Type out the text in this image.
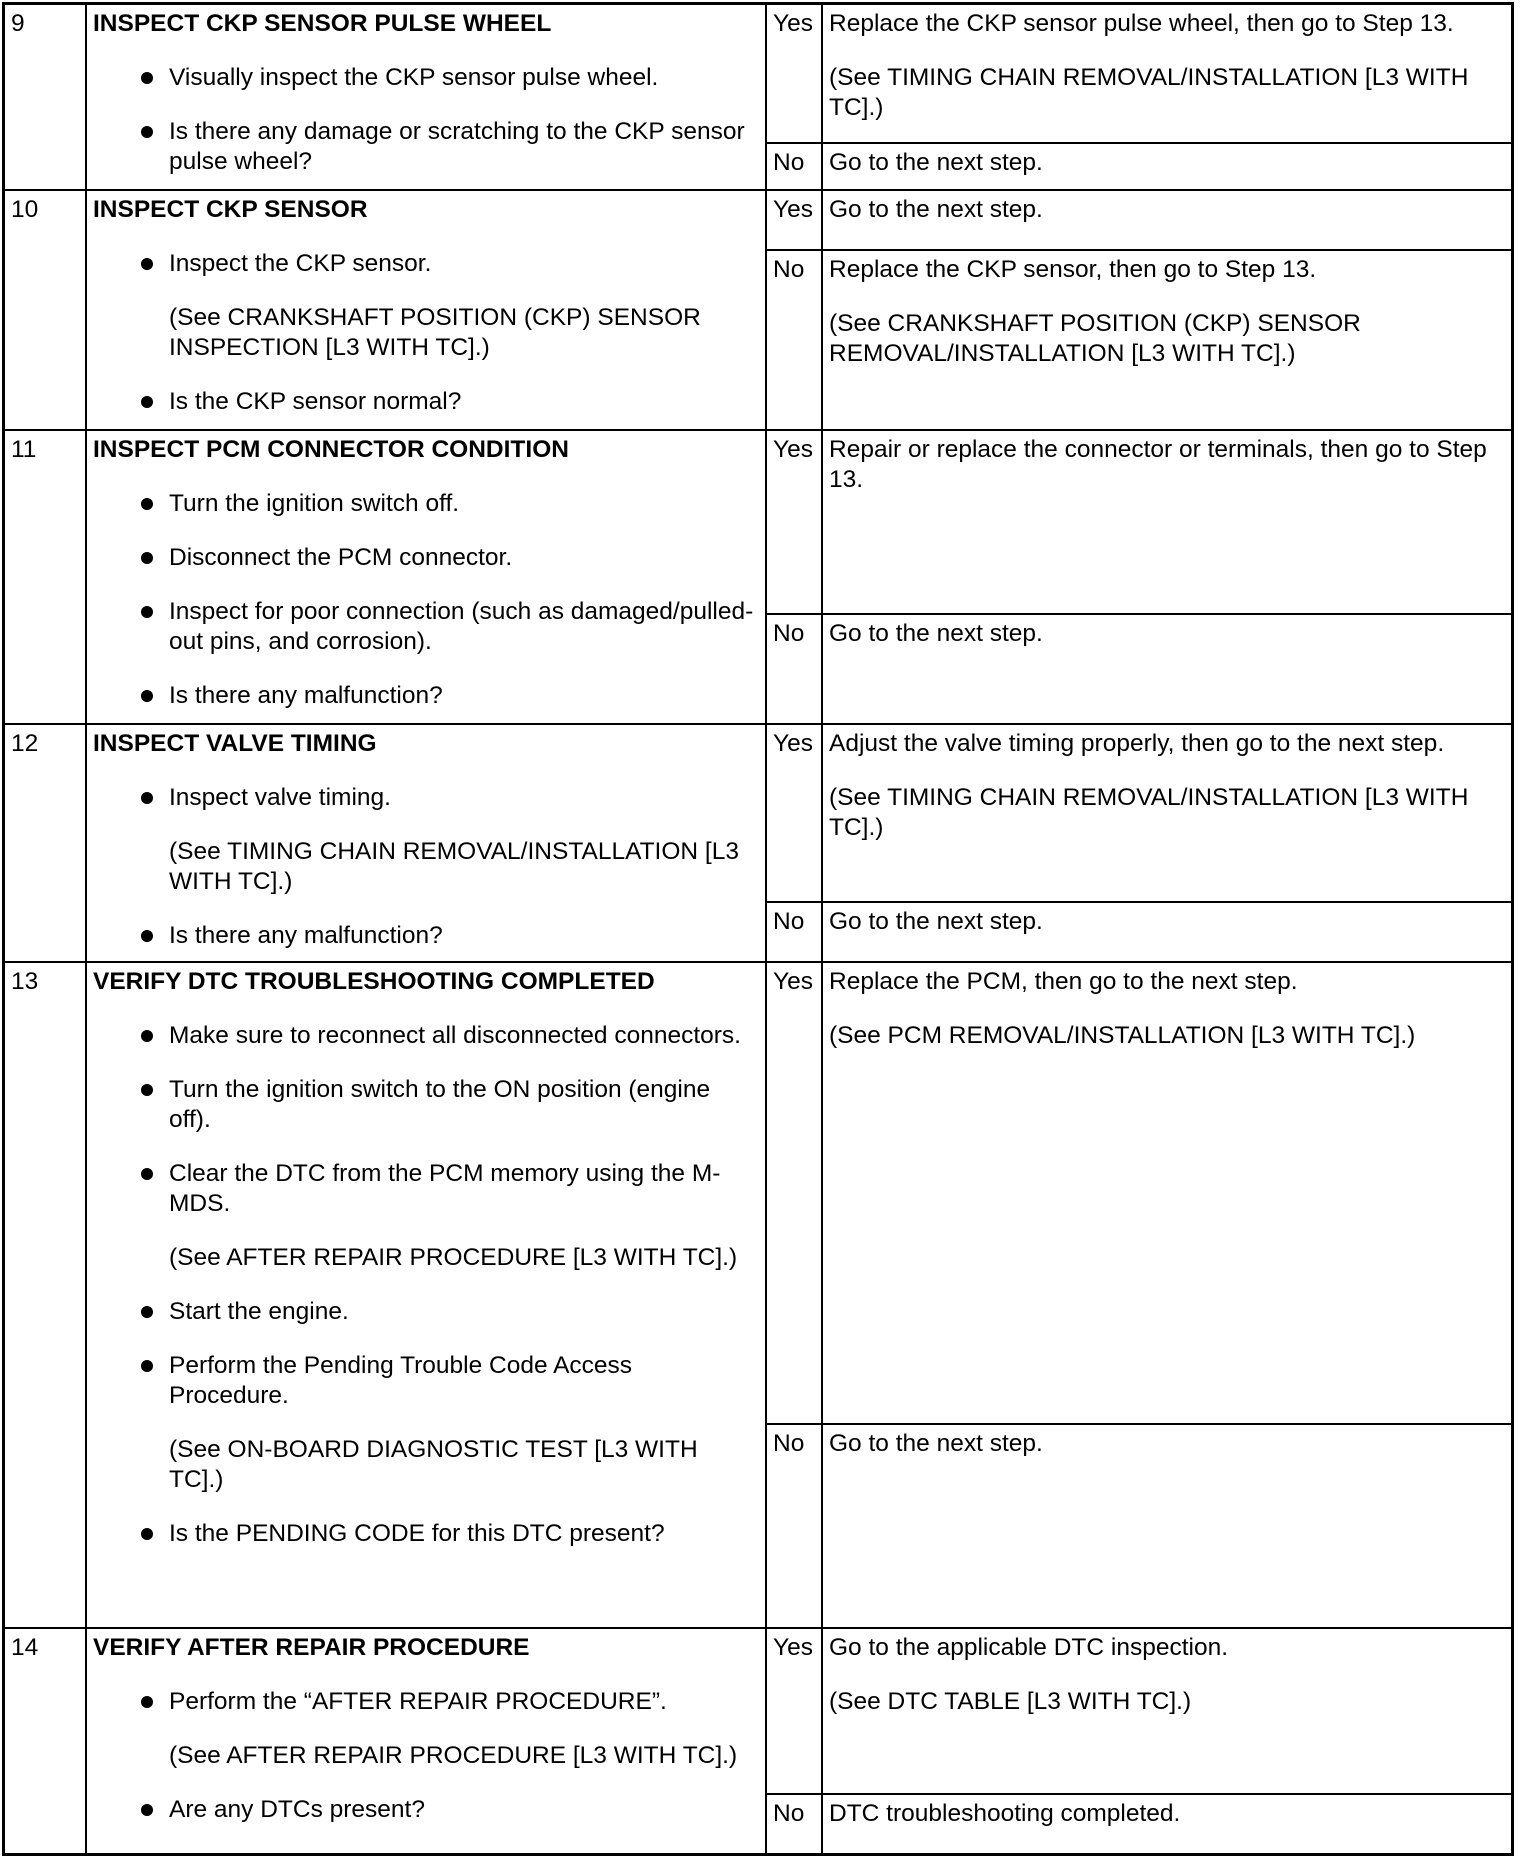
9	INSPECT CKP SENSOR PULSE WHEEL
Visually inspect the CKP sensor pulse wheel.
Is there any damage or scratching to the CKP sensor pulse wheel?
Yes Replace the CKP sensor pulse wheel, then go to Step 13.
(See TIMING CHAIN REMOVAL/INSTALLATION [L3 WITH TC].)
No	Go to the next step.
10	INSPECT CKP SENSOR
Inspect the CKP sensor.
(See CRANKSHAFT POSITION (CKP) SENSOR INSPECTION [L3 WITH TC].)
Is the CKP sensor normal?
Yes Go to the next step.
No	Replace the CKP sensor, then go to Step 13.
(See CRANKSHAFT POSITION (CKP) SENSOR REMOVAL/INSTALLATION [L3 WITH TC].)
11	INSPECT PCM CONNECTOR CONDITION
Turn the ignition switch off.
Disconnect the PCM connector.
Inspect for poor connection (such as damaged/pulled-out pins, and corrosion).
Is there any malfunction?
Yes Repair or replace the connector or terminals, then go to Step 13.
No	Go to the next step.
12	INSPECT VALVE TIMING
Inspect valve timing.
(See TIMING CHAIN REMOVAL/INSTALLATION [L3 WITH TC].)
Is there any malfunction?
Yes Adjust the valve timing properly, then go to the next step.
(See TIMING CHAIN REMOVAL/INSTALLATION [L3 WITH TC].)
No	Go to the next step.
13	VERIFY DTC TROUBLESHOOTING COMPLETED
Make sure to reconnect all disconnected connectors.
Turn the ignition switch to the ON position (engine off).
Clear the DTC from the PCM memory using the M-MDS.
(See AFTER REPAIR PROCEDURE [L3 WITH TC].)
Start the engine.
Perform the Pending Trouble Code Access Procedure.
(See ON-BOARD DIAGNOSTIC TEST [L3 WITH TC].)
Is the PENDING CODE for this DTC present?
Yes Replace the PCM, then go to the next step.
(See PCM REMOVAL/INSTALLATION [L3 WITH TC].)
No	Go to the next step.
14	VERIFY AFTER REPAIR PROCEDURE
Perform the “AFTER REPAIR PROCEDURE”.
(See AFTER REPAIR PROCEDURE [L3 WITH TC].)
Are any DTCs present?
Yes Go to the applicable DTC inspection.
(See DTC TABLE [L3 WITH TC].)
No	DTC troubleshooting completed.
